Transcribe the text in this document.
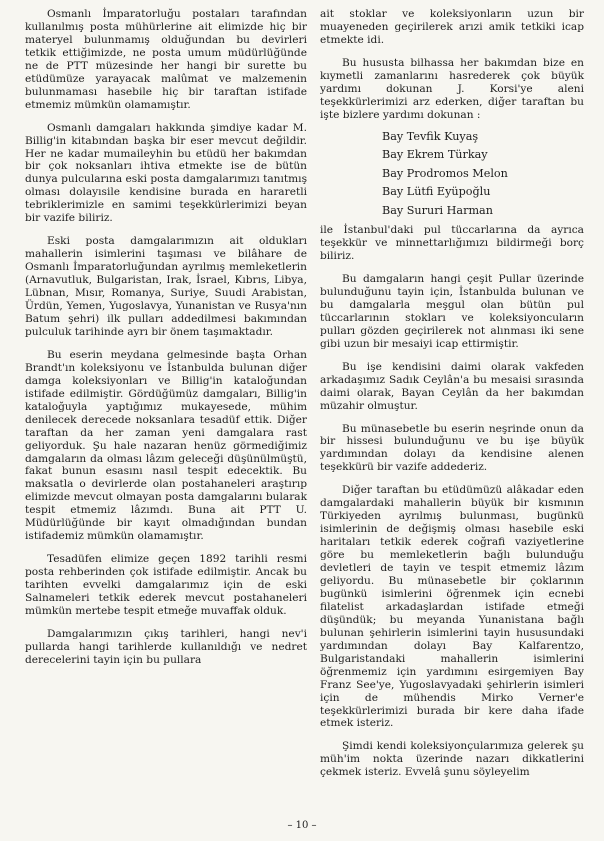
Osmanlı İmparatorluğu postaları tarafından kullanılmış posta mühürlerine ait elimizde hiç bir materyel bulunmamış olduğundan bu devirleri tetkik ettiğimizde, ne posta umum müdürlüğünde ne de PTT müzesinde her hangi bir surette bu etüdümüze yarayacak malûmat ve malzemenin bulunmaması hasebile hiç bir taraftan istifade etmemiz mümkün olamamıştır.

Osmanlı damgaları hakkında şimdiye kadar M. Billig'in kitabından başka bir eser mevcut değildir. Her ne kadar mumaileyhin bu etüdü her bakımdan bir çok noksanları ihtiva etmekte ise de bütün dunya pulcularına eski posta damgalarımızı tanıtmış olması dolayısile kendisine burada en hararetli tebriklerimizle en samimi teşekkürlerimizi beyan bir vazife biliriz.

Eski posta damgalarımızın ait oldukları mahallerin isimlerini taşıması ve bilâhare de Osmanlı İmparatorluğundan ayrılmış memleketlerin (Arnavutluk, Bulgaristan, Irak, İsrael, Kıbrıs, Libya, Lübnan, Mısır, Romanya, Suriye, Suudi Arabistan, Ürdün, Yemen, Yugoslavya, Yunanistan ve Rusya'nın Batum şehri) ilk pulları addedilmesi bakımından pulculuk tarihinde ayrı bir önem taşımaktadır.

Bu eserin meydana gelmesinde başta Orhan Brandt'ın koleksiyonu ve İstanbulda bulunan diğer damga koleksiyonları ve Billig'in kataloğundan istifade edilmiştir. Gördüğümüz damgaları, Billig'in kataloğuyla yaptığımız mukayesede, mühim denilecek derecede noksanlara tesadüf ettik. Diğer taraftan da her zaman yeni damgalara rast geliyorduk. Şu hale nazaran henüz görmediğimiz damgaların da olması lâzım geleceği düşünülmüştü, fakat bunun esasını nasıl tespit edecektik. Bu maksatla o devirlerde olan postahaneleri araştırıp elimizde mevcut olmayan posta damgalarını bularak tespit etmemiz lâzımdı. Buna ait PTT U. Müdürlüğünde bir kayıt olmadığından bundan istifademiz mümkün olamamıştır.

Tesadüfen elimize geçen 1892 tarihli resmi posta rehberinden çok istifade edilmiştir. Ancak bu tarihten evvelki damgalarımız için de eski Salnameleri tetkik ederek mevcut postahaneleri mümkün mertebe tespit etmeğe muvaffak olduk.

Damgalarımızın çıkış tarihleri, hangi nev'i pullarda hangi tarihlerde kullanıldığı ve nedret derecelerini tayin için bu pullara

ait stoklar ve koleksiyonların uzun bir muayeneden geçirilerek arızi amik tetkiki icap etmekte idi.

Bu hususta bilhassa her bakımdan bize en kıymetli zamanlarını hasrederek çok büyük yardımı dokunan J. Korsi'ye aleni teşekkürlerimizi arz ederken, diğer taraftan bu işte bizlere yardımı dokunan :

Bay Tevfik Kuyaş
Bay Ekrem Türkay
Bay Prodromos Melon
Bay Lütfi Eyüpoğlu
Bay Sururi Harman

ile İstanbul'daki pul tüccarlarına da ayrıca teşekkür ve minnettarlığımızı bildirmeği borç biliriz.

Bu damgaların hangi çeşit Pullar üzerinde bulunduğunu tayin için, İstanbulda bulunan ve bu damgalarla meşgul olan bütün pul tüccarlarının stokları ve koleksiyoncuların pulları gözden geçirilerek not alınması iki sene gibi uzun bir mesaiyi icap ettirmiştir.

Bu işe kendisini daimi olarak vakfeden arkadaşımız Sadık Ceylân'a bu mesaisi sırasında daimi olarak, Bayan Ceylân da her bakımdan müzahir olmuştur.

Bu münasebetle bu eserin neşrinde onun da bir hissesi bulunduğunu ve bu işe büyük yardımından dolayı da kendisine alenen teşekkürü bir vazife addederiz.

Diğer taraftan bu etüdümüzü alâkadar eden damgalardaki mahallerin büyük bir kısmının Türkiyeden ayrılmış bulunması, bugünkü isimlerinin de değişmiş olması hasebile eski haritaları tetkik ederek coğrafi vaziyetlerine göre bu memleketlerin bağlı bulunduğu devletleri de tayin ve tespit etmemiz lâzım geliyordu. Bu münasebetle bir çoklarının bugünkü isimlerini öğrenmek için ecnebi filatelist arkadaşlardan istifade etmeği düşündük; bu meyanda Yunanistana bağlı bulunan şehirlerin isimlerini tayin hususundaki yardımından dolayı Bay Kalfarentzo, Bulgaristandaki mahallerin isimlerini öğrenmemiz için yardımını esirgemiyen Bay Franz See'ye, Yugoslavyadaki şehirlerin isimleri için de mühendis Mirko Verner'e teşekkürlerimizi burada bir kere daha ifade etmek isteriz.

Şimdi kendi koleksiyonçularımıza gelerek şu müh'im nokta üzerinde nazarı dikkatlerini çekmek isteriz. Evvelâ şunu söyleyelim

– 10 –
